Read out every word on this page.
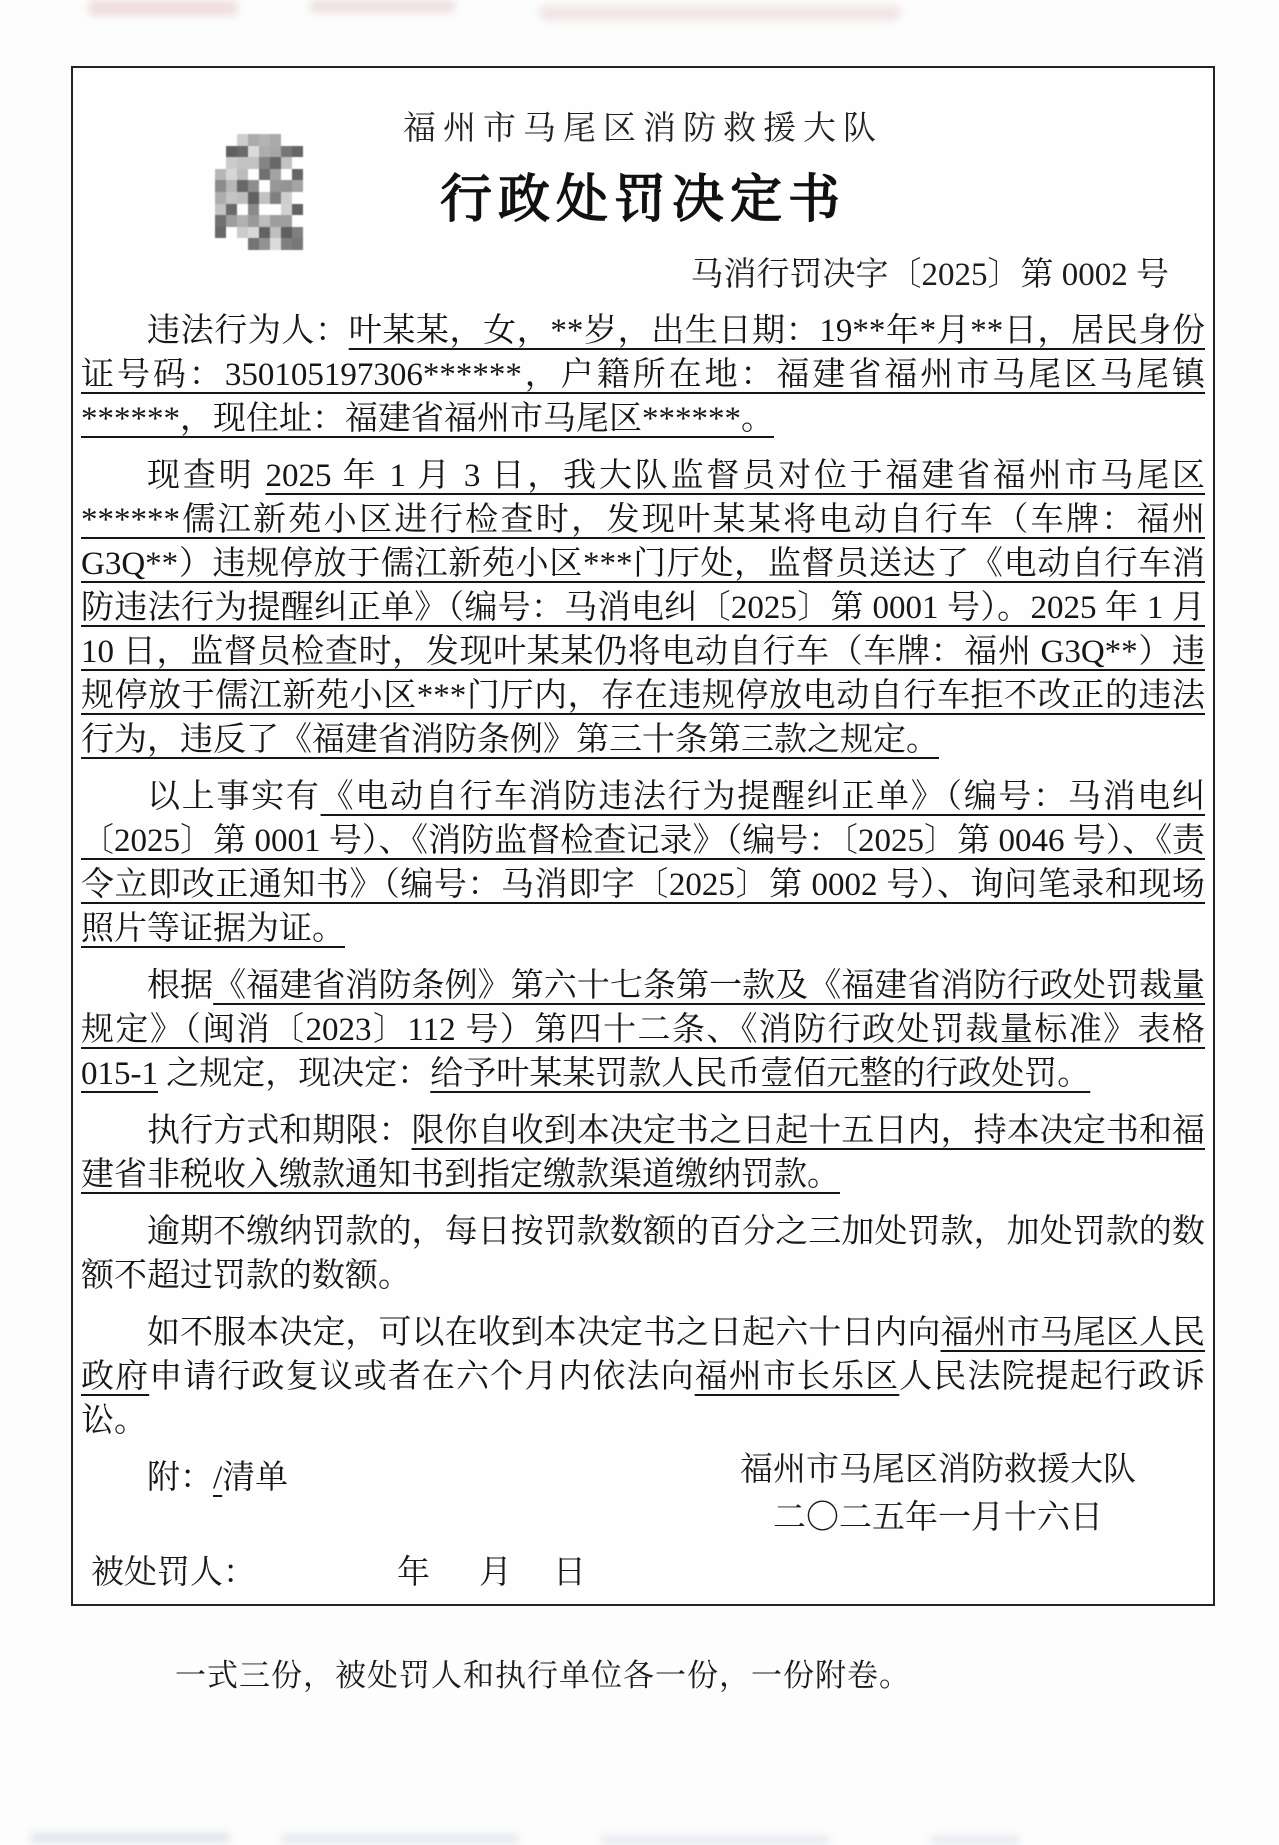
福州市马尾区消防救援大队
行政处罚决定书
马消行罚决字〔2025〕第 0002 号

违法行为人：叶某某，女，**岁，出生日期：19**年*月**日，居民身份证号码：350105197306******，户籍所在地：福建省福州市马尾区马尾镇******，现住址：福建省福州市马尾区******。

现查明 2025 年 1 月 3 日，我大队监督员对位于福建省福州市马尾区******儒江新苑小区进行检查时，发现叶某某将电动自行车（车牌：福州 G3Q**）违规停放于儒江新苑小区***门厅处，监督员送达了《电动自行车消防违法行为提醒纠正单》（编号：马消电纠〔2025〕第 0001 号）。2025 年 1 月 10 日，监督员检查时，发现叶某某仍将电动自行车（车牌：福州 G3Q**）违规停放于儒江新苑小区***门厅内，存在违规停放电动自行车拒不改正的违法行为，违反了《福建省消防条例》第三十条第三款之规定。

以上事实有《电动自行车消防违法行为提醒纠正单》（编号：马消电纠〔2025〕第 0001 号）、《消防监督检查记录》（编号：〔2025〕第 0046 号）、《责令立即改正通知书》（编号：马消即字〔2025〕第 0002 号）、询问笔录和现场照片等证据为证。

根据《福建省消防条例》第六十七条第一款及《福建省消防行政处罚裁量规定》（闽消〔2023〕112 号）第四十二条、《消防行政处罚裁量标准》表格 015-1 之规定，现决定：给予叶某某罚款人民币壹佰元整的行政处罚。

执行方式和期限：限你自收到本决定书之日起十五日内，持本决定书和福建省非税收入缴款通知书到指定缴款渠道缴纳罚款。

逾期不缴纳罚款的，每日按罚款数额的百分之三加处罚款，加处罚款的数额不超过罚款的数额。

如不服本决定，可以在收到本决定书之日起六十日内向福州市马尾区人民政府申请行政复议或者在六个月内依法向福州市长乐区人民法院提起行政诉讼。

附：/清单	福州市马尾区消防救援大队
二〇二五年一月十六日
被处罚人：	年 月 日
一式三份，被处罚人和执行单位各一份，一份附卷。
